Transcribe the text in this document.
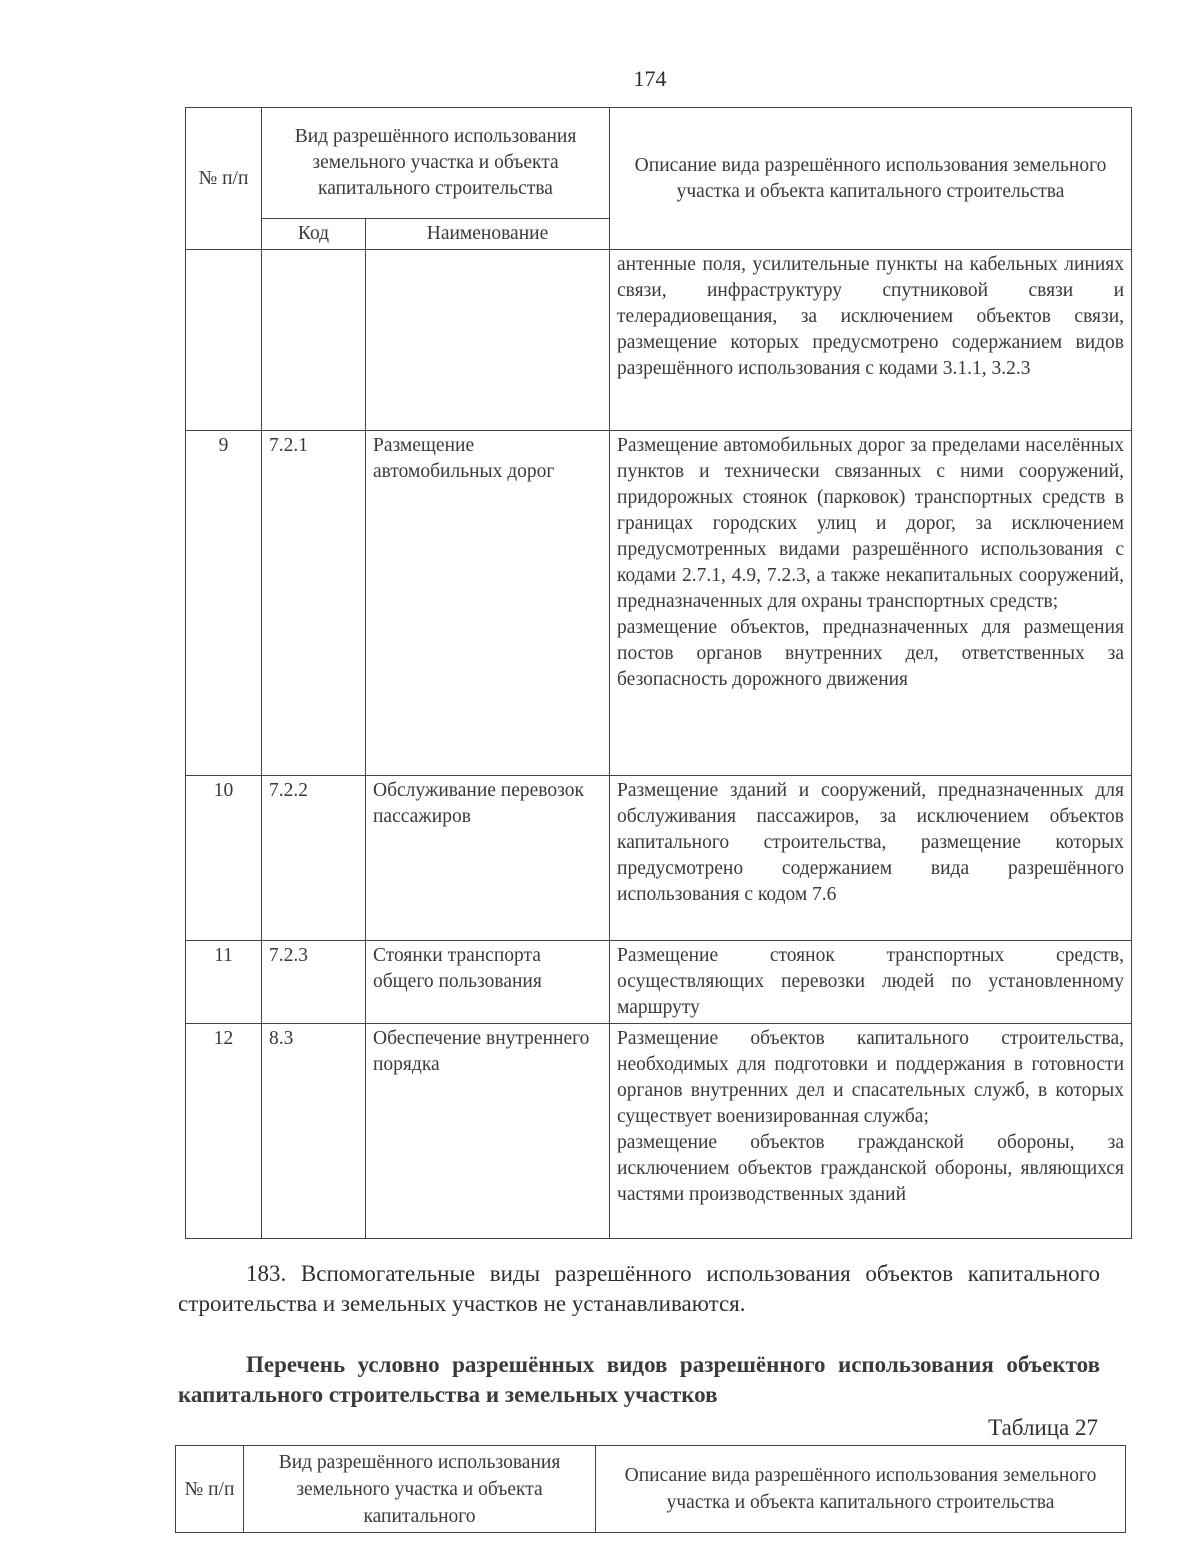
174
№ п/п	Вид разрешённого использования земельного участка и объекта капитального строительства		Описание вида разрешённого использования земельного участка и объекта капитального строительства
	Код	Наименование	
			антенные поля, усилительные пункты на кабельных линиях связи, инфраструктуру спутниковой связи и телерадиовещания, за исключением объектов связи, размещение которых предусмотрено содержанием видов разрешённого использования с кодами 3.1.1, 3.2.3
9	7.2.1	Размещение автомобильных дорог	Размещение автомобильных дорог за пределами населённых пунктов и технически связанных с ними сооружений, придорожных стоянок (парковок) транспортных средств в границах городских улиц и дорог, за исключением предусмотренных видами разрешённого использования с кодами 2.7.1, 4.9, 7.2.3, а также некапитальных сооружений, предназначенных для охраны транспортных средств;

размещение объектов, предназначенных для размещения постов органов внутренних дел, ответственных за безопасность дорожного движения

10	7.2.2	Обслуживание перевозок пассажиров	Размещение зданий и сооружений, предназначенных для обслуживания пассажиров, за исключением объектов капитального строительства, размещение которых предусмотрено содержанием вида разрешённого использования с кодом 7.6

11	7.2.3	Стоянки транспорта общего пользования	Размещение стоянок транспортных средств, осуществляющих перевозки людей по установленному маршруту

12	8.3	Обеспечение внутреннего порядка	Размещение объектов капитального строительства, необходимых для подготовки и поддержания в готовности органов внутренних дел и спасательных служб, в которых существует военизированная служба;

размещение объектов гражданской обороны, за исключением объектов гражданской обороны, являющихся частями производственных зданий

183. Вспомогательные виды разрешённого использования объектов капитального строительства и земельных участков не устанавливаются.

Перечень условно разрешённых видов разрешённого использования объектов капитального строительства и земельных участков

Таблица 27
№ п/п	Вид разрешённого использования земельного участка и объекта капитального	Описание вида разрешённого использования земельного участка и объекта капитального строительства
